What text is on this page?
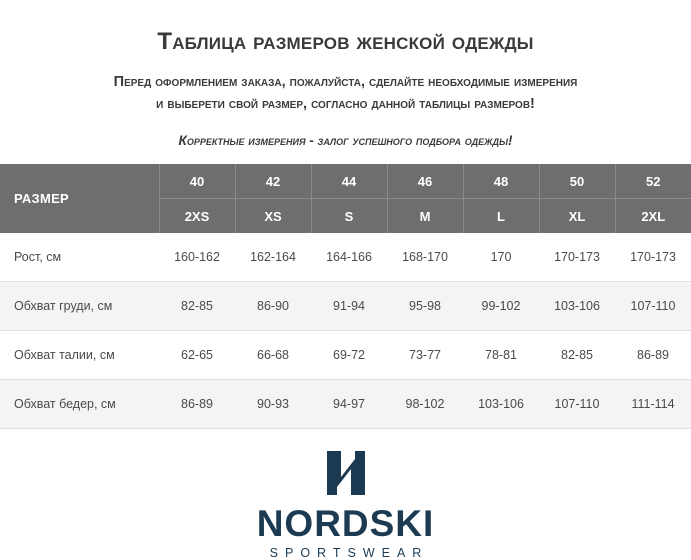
Таблица размеров женской одежды
Перед оформлением заказа, пожалуйста, сделайте необходимые измерения
и выберети свой размер, согласно данной таблицы размеров!
Корректные измерения - залог успешного подбора одежды!
РАЗМЕР	40	42	44	46	48	50	52
	2XS	XS	S	M	L	XL	2XL
Рост, см	160-162	162-164	164-166	168-170	170	170-173	170-173
Обхват груди, см	82-85	86-90	91-94	95-98	99-102	103-106	107-110
Обхват талии, см	62-65	66-68	69-72	73-77	78-81	82-85	86-89
Обхват бедер, см	86-89	90-93	94-97	98-102	103-106	107-110	111-114
NORDSKI
SPORTSWEAR
